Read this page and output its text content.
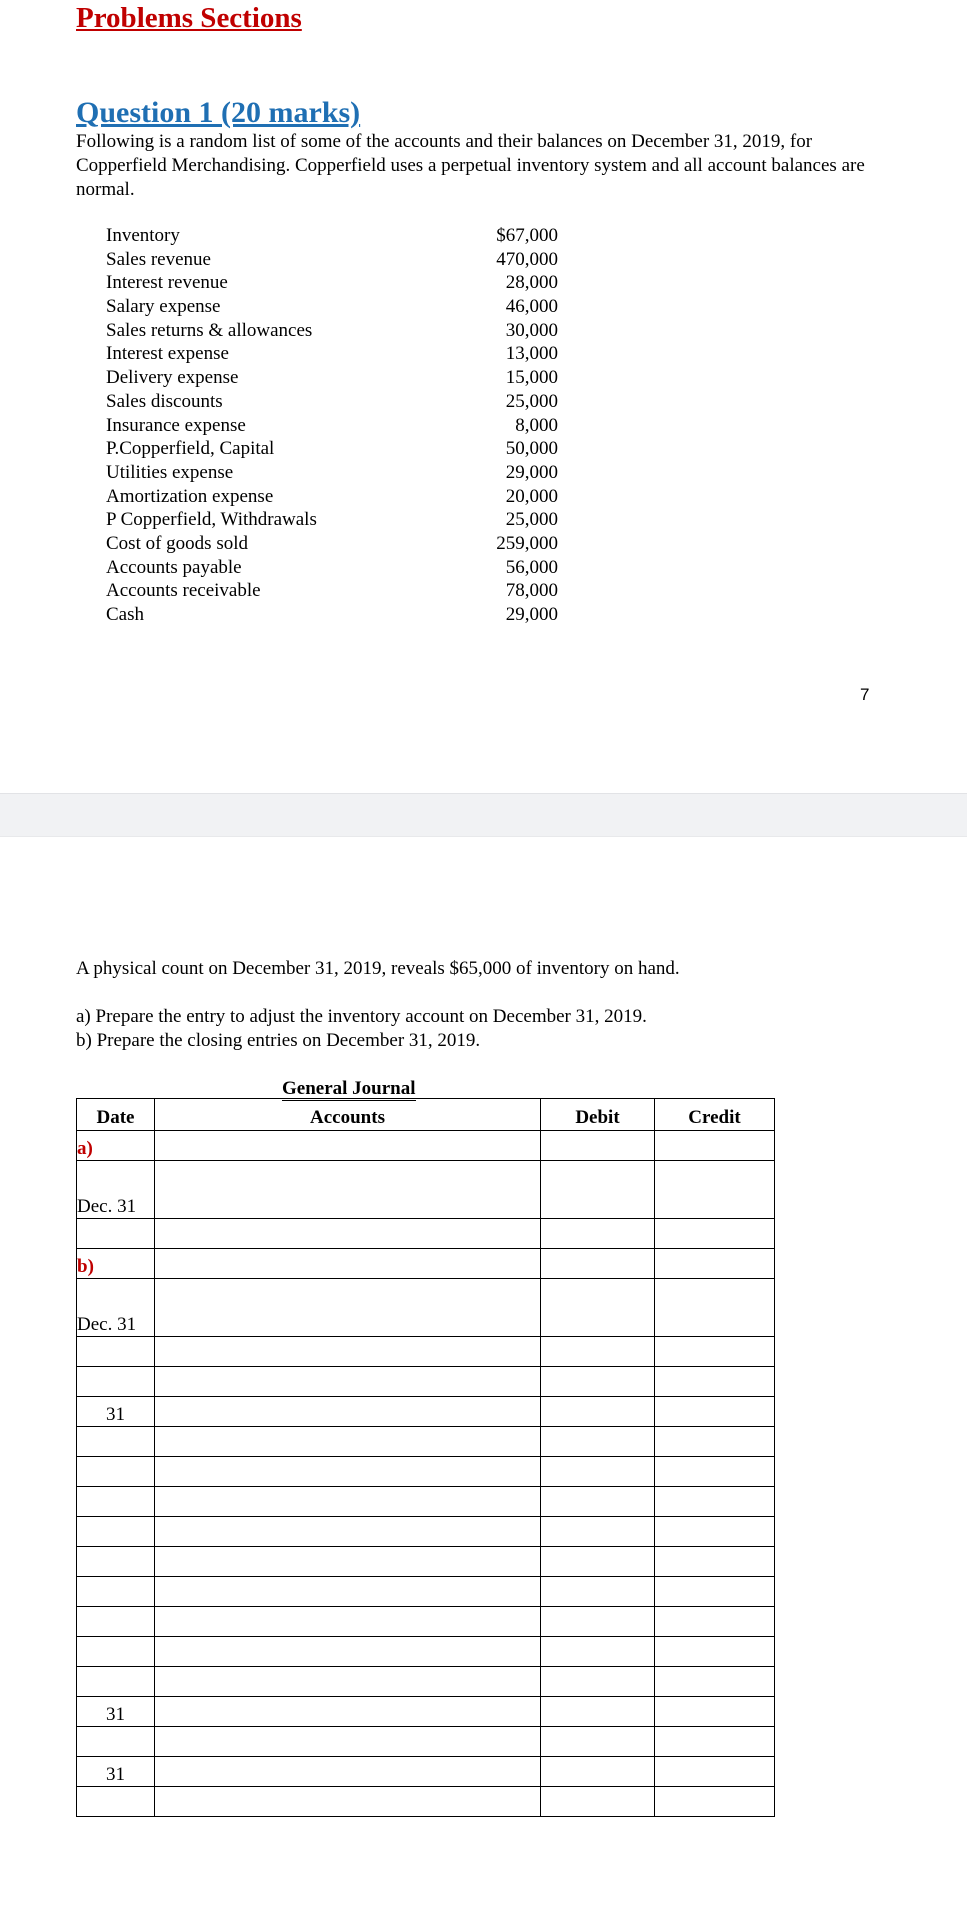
Problems Sections
Question 1 (20 marks)
Following is a random list of some of the accounts and their balances on December 31, 2019, for Copperfield Merchandising. Copperfield uses a perpetual inventory system and all account balances are normal.
Inventory	$67,000
Sales revenue	470,000
Interest revenue	28,000
Salary expense	46,000
Sales returns & allowances	30,000
Interest expense	13,000
Delivery expense	15,000
Sales discounts	25,000
Insurance expense	8,000
P.Copperfield, Capital	50,000
Utilities expense	29,000
Amortization expense	20,000
P Copperfield, Withdrawals	25,000
Cost of goods sold	259,000
Accounts payable	56,000
Accounts receivable	78,000
Cash	29,000
7
A physical count on December 31, 2019, reveals $65,000 of inventory on hand.
a) Prepare the entry to adjust the inventory account on December 31, 2019.
b) Prepare the closing entries on December 31, 2019.
General Journal
Date	Accounts	Debit	Credit
a)			
Dec. 31			

b)			
Dec. 31			

31			

31			

31			
